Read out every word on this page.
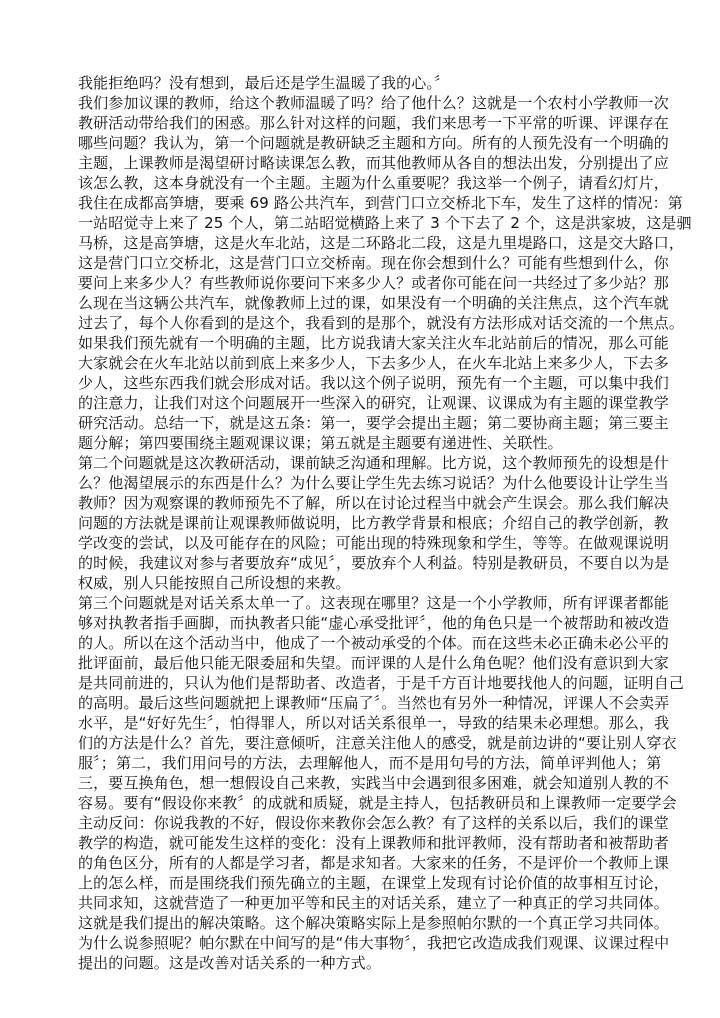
我能拒绝吗？没有想到，最后还是学生温暖了我的心。〞
我们参加议课的教师，给这个教师温暖了吗？给了他什么？这就是一个农村小学教师一次
教研活动带给我们的困惑。那么针对这样的问题，我们来思考一下平常的听课、评课存在
哪些问题？我认为，第一个问题就是教研缺乏主题和方向。所有的人预先没有一个明确的
主题，上课教师是渴望研讨略读课怎么教，而其他教师从各自的想法出发，分别提出了应
该怎么教，这本身就没有一个主题。主题为什么重要呢？我这举一个例子，请看幻灯片，
我住在成都高笋塘，要乘 69 路公共汽车，到营门口立交桥北下车，发生了这样的情况：第
一站昭觉寺上来了 25 个人，第二站昭觉横路上来了 3 个下去了 2 个，这是洪家坡，这是驷
马桥，这是高笋塘，这是火车北站，这是二环路北二段，这是九里堤路口，这是交大路口，
这是营门口立交桥北，这是营门口立交桥南。现在你会想到什么？可能有些想到什么，你
要问上来多少人？有些教师说你要问下来多少人？或者你可能在问一共经过了多少站？那
么现在当这辆公共汽车，就像教师上过的课，如果没有一个明确的关注焦点，这个汽车就
过去了，每个人你看到的是这个，我看到的是那个，就没有方法形成对话交流的一个焦点。
如果我们预先就有一个明确的主题，比方说我请大家关注火车北站前后的情况，那么可能
大家就会在火车北站以前到底上来多少人，下去多少人，在火车北站上来多少人，下去多
少人，这些东西我们就会形成对话。我以这个例子说明，预先有一个主题，可以集中我们
的注意力，让我们对这个问题展开一些深入的研究，让观课、议课成为有主题的课堂教学
研究活动。总结一下，就是这五条：第一，要学会提出主题；第二要协商主题；第三要主
题分解；第四要围绕主题观课议课；第五就是主题要有递进性、关联性。
第二个问题就是这次教研活动，课前缺乏沟通和理解。比方说，这个教师预先的设想是什
么？他渴望展示的东西是什么？为什么要让学生先去练习说话？为什么他要设计让学生当
教师？因为观察课的教师预先不了解，所以在讨论过程当中就会产生误会。那么我们解决
问题的方法就是课前让观课教师做说明，比方教学背景和根底；介绍自己的教学创新，教
学改变的尝试，以及可能存在的风险；可能出现的特殊现象和学生，等等。在做观课说明
的时候，我建议对参与者要放弃“成见〞，要放弃个人利益。特别是教研员，不要自以为是
权威，别人只能按照自己所设想的来教。
第三个问题就是对话关系太单一了。这表现在哪里？这是一个小学教师，所有评课者都能
够对执教者指手画脚，而执教者只能“虚心承受批评〞，他的角色只是一个被帮助和被改造
的人。所以在这个活动当中，他成了一个被动承受的个体。而在这些未必正确未必公平的
批评面前，最后他只能无限委屈和失望。而评课的人是什么角色呢？他们没有意识到大家
是共同前进的，只认为他们是帮助者、改造者，于是千方百计地要找他人的问题，证明自己
的高明。最后这些问题就把上课教师“压扁了〞。当然也有另外一种情况，评课人不会卖弄
水平，是“好好先生〞，怕得罪人，所以对话关系很单一，导致的结果未必理想。那么，我
们的方法是什么？首先，要注意倾听，注意关注他人的感受，就是前边讲的“要让别人穿衣
服〞；第二，我们用问号的方法，去理解他人，而不是用句号的方法，简单评判他人；第
三，要互换角色，想一想假设自己来教，实践当中会遇到很多困难，就会知道别人教的不
容易。要有“假设你来教〞的成就和质疑，就是主持人，包括教研员和上课教师一定要学会
主动反问：你说我教的不好，假设你来教你会怎么教？有了这样的关系以后，我们的课堂
教学的构造，就可能发生这样的变化：没有上课教师和批评教师，没有帮助者和被帮助者
的角色区分，所有的人都是学习者，都是求知者。大家来的任务，不是评价一个教师上课
上的怎么样，而是围绕我们预先确立的主题，在课堂上发现有讨论价值的故事相互讨论，
共同求知，这就营造了一种更加平等和民主的对话关系，建立了一种真正的学习共同体。
这就是我们提出的解决策略。这个解决策略实际上是参照帕尔默的一个真正学习共同体。
为什么说参照呢？帕尔默在中间写的是“伟大事物〞，我把它改造成我们观课、议课过程中
提出的问题。这是改善对话关系的一种方式。
